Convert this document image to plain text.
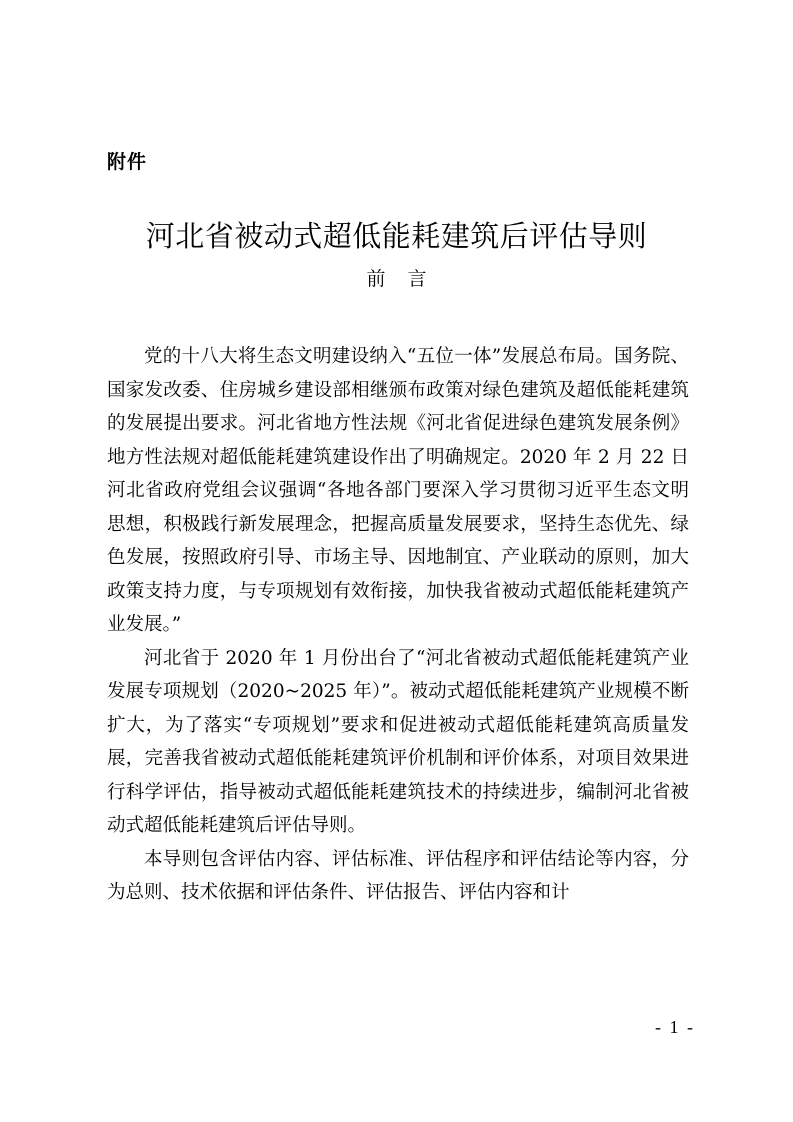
附件
河北省被动式超低能耗建筑后评估导则
前 言

党的十八大将生态文明建设纳入“五位一体”发展总布局。国务院、国家发改委、住房城乡建设部相继颁布政策对绿色建筑及超低能耗建筑的发展提出要求。河北省地方性法规《河北省促进绿色建筑发展条例》地方性法规对超低能耗建筑建设作出了明确规定。2020 年 2 月 22 日河北省政府党组会议强调“各地各部门要深入学习贯彻习近平生态文明思想，积极践行新发展理念，把握高质量发展要求，坚持生态优先、绿色发展，按照政府引导、市场主导、因地制宜、产业联动的原则，加大政策支持力度，与专项规划有效衔接，加快我省被动式超低能耗建筑产业发展。”

河北省于 2020 年 1 月份出台了“河北省被动式超低能耗建筑产业发展专项规划（2020~2025 年）”。被动式超低能耗建筑产业规模不断扩大，为了落实“专项规划”要求和促进被动式超低能耗建筑高质量发展，完善我省被动式超低能耗建筑评价机制和评价体系，对项目效果进行科学评估，指导被动式超低能耗建筑技术的持续进步，编制河北省被动式超低能耗建筑后评估导则。

本导则包含评估内容、评估标准、评估程序和评估结论等内容，分为总则、技术依据和评估条件、评估报告、评估内容和计

- 1 -
